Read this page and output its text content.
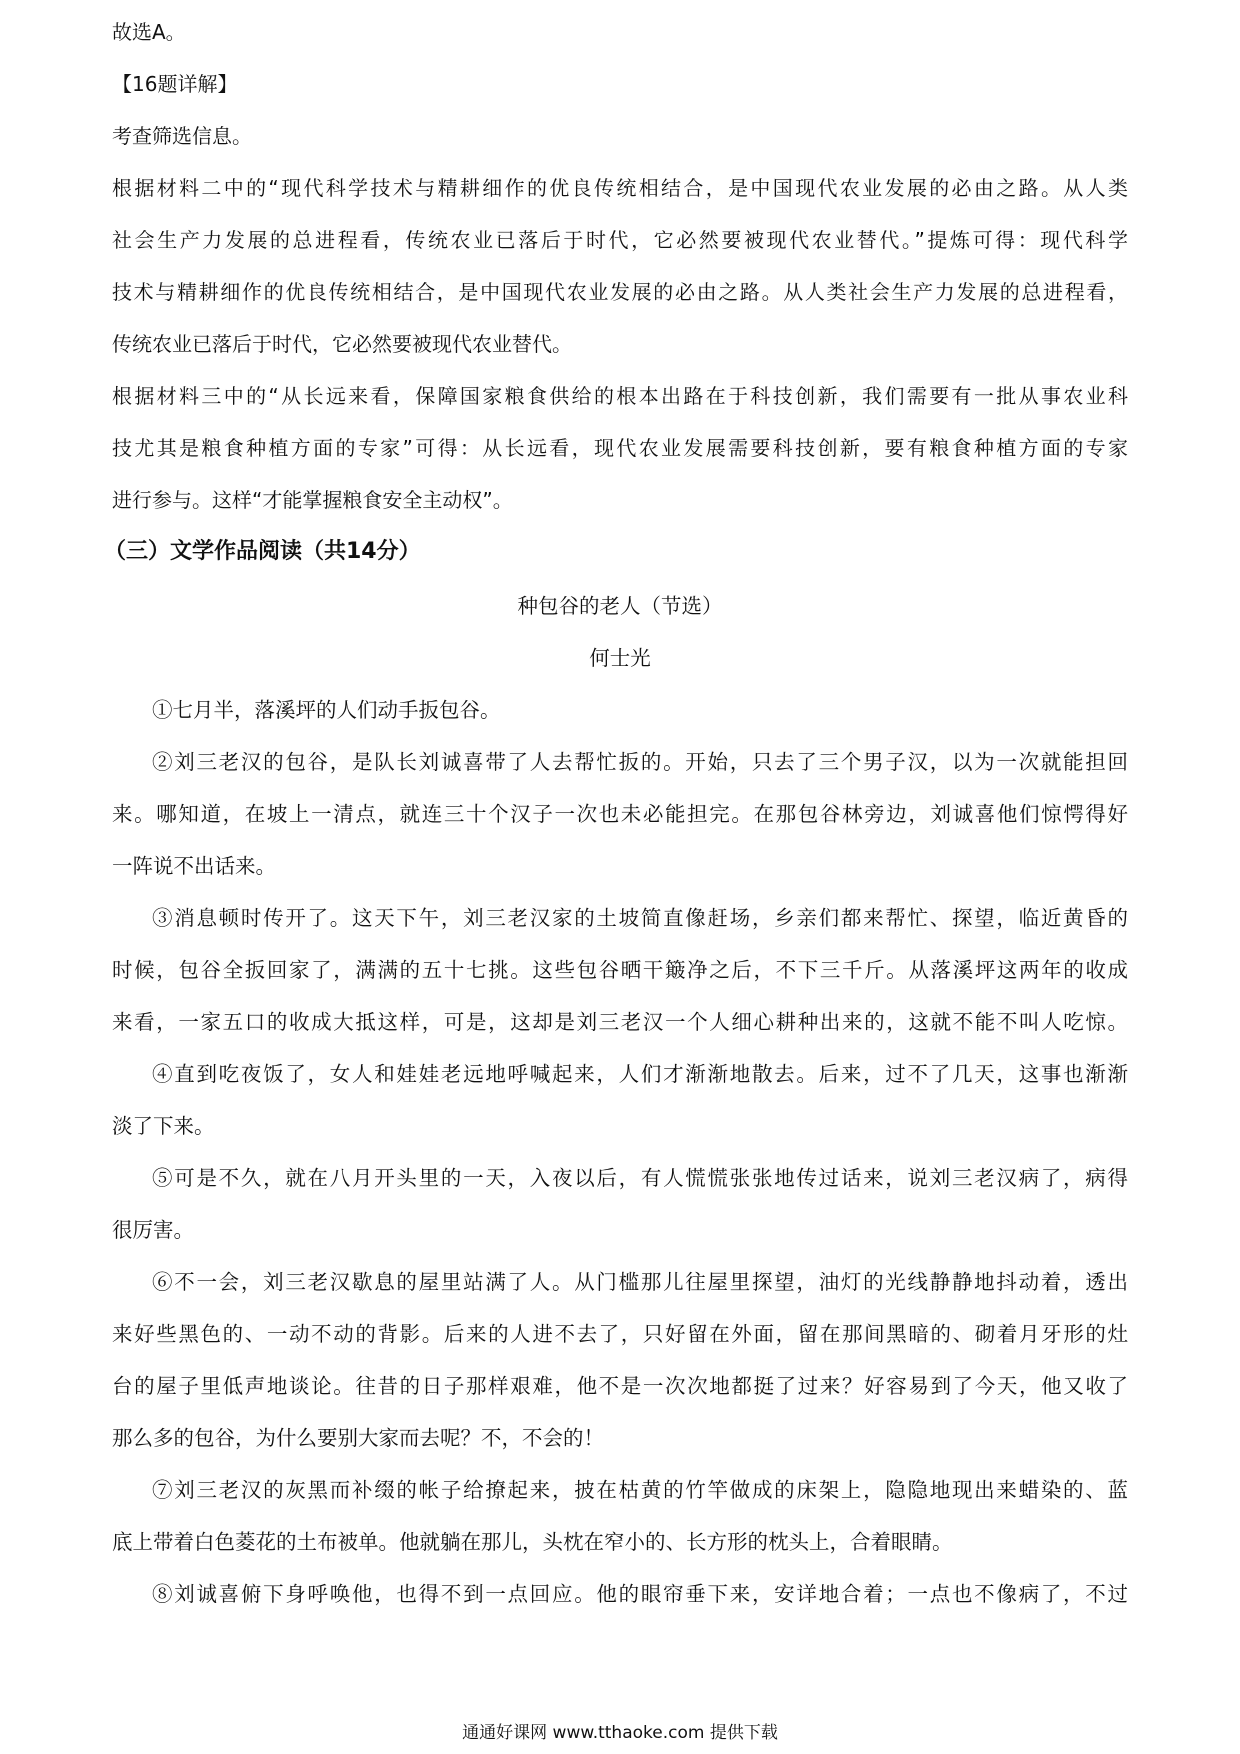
故选A。
【16题详解】
考查筛选信息。
根据材料二中的“现代科学技术与精耕细作的优良传统相结合，是中国现代农业发展的必由之路。从人类
社会生产力发展的总进程看，传统农业已落后于时代，它必然要被现代农业替代。”提炼可得：现代科学
技术与精耕细作的优良传统相结合，是中国现代农业发展的必由之路。从人类社会生产力发展的总进程看，
传统农业已落后于时代，它必然要被现代农业替代。
根据材料三中的“从长远来看，保障国家粮食供给的根本出路在于科技创新，我们需要有一批从事农业科
技尤其是粮食种植方面的专家”可得：从长远看，现代农业发展需要科技创新，要有粮食种植方面的专家
进行参与。这样“才能掌握粮食安全主动权”。
（三）文学作品阅读（共14分）
种包谷的老人（节选）
何士光
①七月半，落溪坪的人们动手扳包谷。
②刘三老汉的包谷，是队长刘诚喜带了人去帮忙扳的。开始，只去了三个男子汉，以为一次就能担回
来。哪知道，在坡上一清点，就连三十个汉子一次也未必能担完。在那包谷林旁边，刘诚喜他们惊愕得好
一阵说不出话来。
③消息顿时传开了。这天下午，刘三老汉家的土坡简直像赶场，乡亲们都来帮忙、探望，临近黄昏的
时候，包谷全扳回家了，满满的五十七挑。这些包谷晒干簸净之后，不下三千斤。从落溪坪这两年的收成
来看，一家五口的收成大抵这样，可是，这却是刘三老汉一个人细心耕种出来的，这就不能不叫人吃惊。
④直到吃夜饭了，女人和娃娃老远地呼喊起来，人们才渐渐地散去。后来，过不了几天，这事也渐渐
淡了下来。
⑤可是不久，就在八月开头里的一天，入夜以后，有人慌慌张张地传过话来，说刘三老汉病了，病得
很厉害。
⑥不一会，刘三老汉歇息的屋里站满了人。从门槛那儿往屋里探望，油灯的光线静静地抖动着，透出
来好些黑色的、一动不动的背影。后来的人进不去了，只好留在外面，留在那间黑暗的、砌着月牙形的灶
台的屋子里低声地谈论。往昔的日子那样艰难，他不是一次次地都挺了过来？好容易到了今天，他又收了
那么多的包谷，为什么要别大家而去呢？不，不会的！
⑦刘三老汉的灰黑而补缀的帐子给撩起来，披在枯黄的竹竿做成的床架上，隐隐地现出来蜡染的、蓝
底上带着白色菱花的土布被单。他就躺在那儿，头枕在窄小的、长方形的枕头上，合着眼睛。
⑧刘诚喜俯下身呼唤他，也得不到一点回应。他的眼帘垂下来，安详地合着；一点也不像病了，不过
通通好课网 www.tthaoke.com 提供下载
